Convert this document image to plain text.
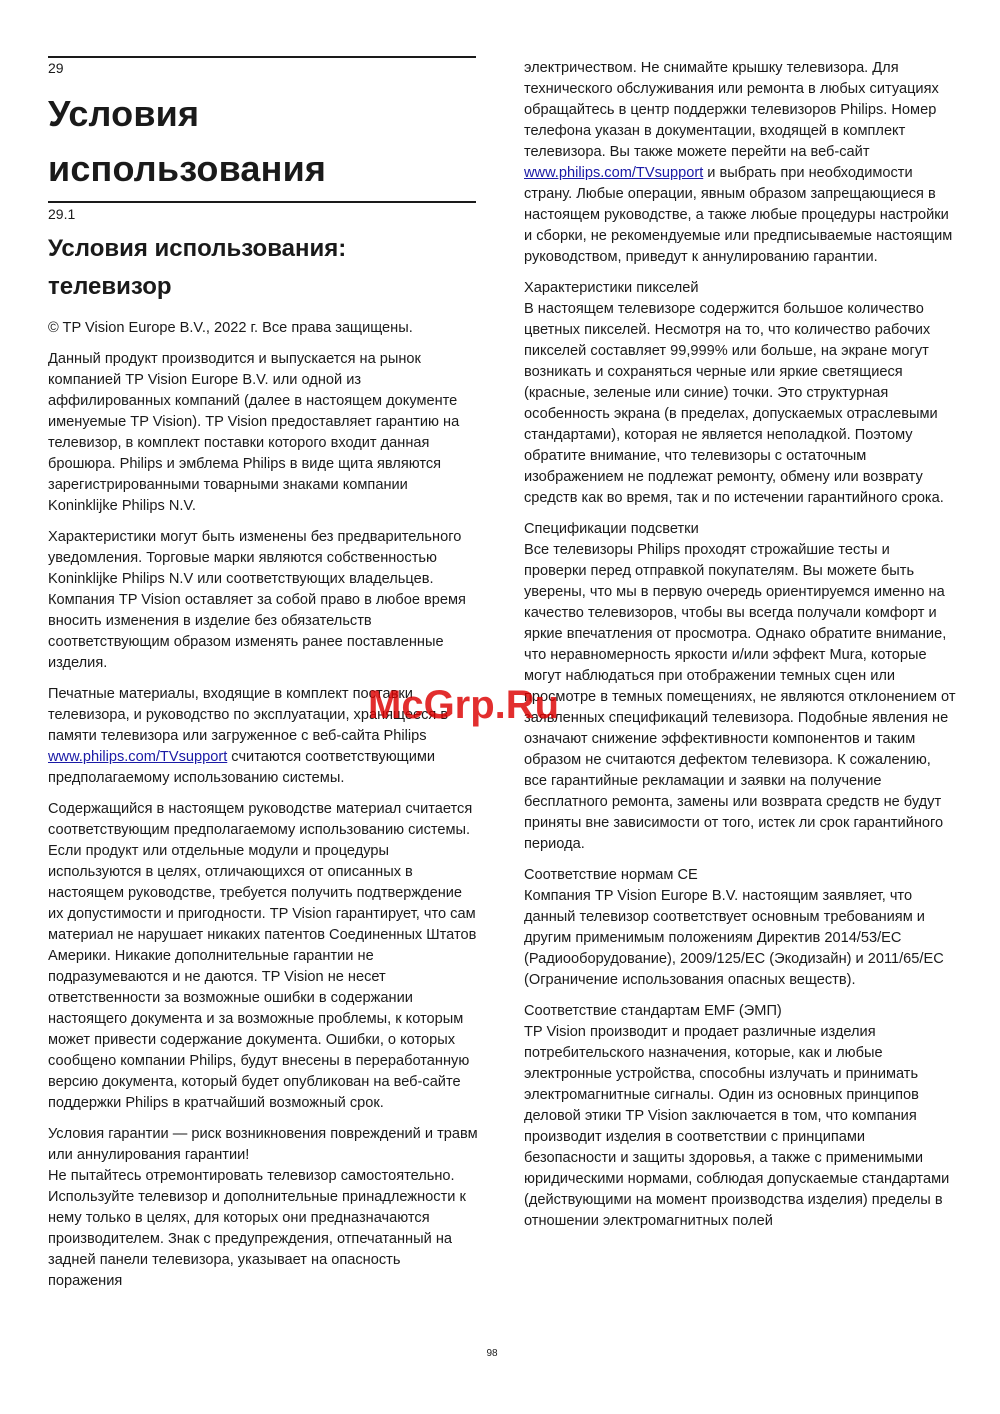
29
Условия
использования
29.1
Условия использования:
телевизор

© TP Vision Europe B.V., 2022 г. Все права защищены.

Данный продукт производится и выпускается на рынок компанией TP Vision Europe B.V. или одной из аффилированных компаний (далее в настоящем документе именуемые TP Vision). TP Vision предоставляет гарантию на телевизор, в комплект поставки которого входит данная брошюра. Philips и эмблема Philips в виде щита являются зарегистрированными товарными знаками компании Koninklijke Philips N.V.

Характеристики могут быть изменены без предварительного уведомления. Торговые марки являются собственностью Koninklijke Philips N.V или соответствующих владельцев. Компания TP Vision оставляет за собой право в любое время вносить изменения в изделие без обязательств соответствующим образом изменять ранее поставленные изделия.

Печатные материалы, входящие в комплект поставки телевизора, и руководство по эксплуатации, хранящееся в памяти телевизора или загруженное с веб-сайта Philips www.philips.com/TVsupport считаются соответствующими предполагаемому использованию системы.

Содержащийся в настоящем руководстве материал считается соответствующим предполагаемому использованию системы. Если продукт или отдельные модули и процедуры используются в целях, отличающихся от описанных в настоящем руководстве, требуется получить подтверждение их допустимости и пригодности. TP Vision гарантирует, что сам материал не нарушает никаких патентов Соединенных Штатов Америки. Никакие дополнительные гарантии не подразумеваются и не даются. TP Vision не несет ответственности за возможные ошибки в содержании настоящего документа и за возможные проблемы, к которым может привести содержание документа. Ошибки, о которых сообщено компании Philips, будут внесены в переработанную версию документа, который будет опубликован на веб-сайте поддержки Philips в кратчайший возможный срок.

Условия гарантии — риск возникновения повреждений и травм или аннулирования гарантии!
Не пытайтесь отремонтировать телевизор самостоятельно. Используйте телевизор и дополнительные принадлежности к нему только в целях, для которых они предназначаются производителем. Знак с предупреждения, отпечатанный на задней панели телевизора, указывает на опасность поражения

электричеством. Не снимайте крышку телевизора. Для технического обслуживания или ремонта в любых ситуациях обращайтесь в центр поддержки телевизоров Philips. Номер телефона указан в документации, входящей в комплект телевизора. Вы также можете перейти на веб-сайт www.philips.com/TVsupport и выбрать при необходимости страну. Любые операции, явным образом запрещающиеся в настоящем руководстве, а также любые процедуры настройки и сборки, не рекомендуемые или предписываемые настоящим руководством, приведут к аннулированию гарантии.

Характеристики пикселей

В настоящем телевизоре содержится большое количество цветных пикселей. Несмотря на то, что количество рабочих пикселей составляет 99,999% или больше, на экране могут возникать и сохраняться черные или яркие светящиеся (красные, зеленые или синие) точки. Это структурная особенность экрана (в пределах, допускаемых отраслевыми стандартами), которая не является неполадкой. Поэтому обратите внимание, что телевизоры с остаточным изображением не подлежат ремонту, обмену или возврату средств как во время, так и по истечении гарантийного срока.

Спецификации подсветки

Все телевизоры Philips проходят строжайшие тесты и проверки перед отправкой покупателям. Вы можете быть уверены, что мы в первую очередь ориентируемся именно на качество телевизоров, чтобы вы всегда получали комфорт и яркие впечатления от просмотра. Однако обратите внимание, что неравномерность яркости и/или эффект Mura, которые могут наблюдаться при отображении темных сцен или просмотре в темных помещениях, не являются отклонением от заявленных спецификаций телевизора. Подобные явления не означают снижение эффективности компонентов и таким образом не считаются дефектом телевизора. К сожалению, все гарантийные рекламации и заявки на получение бесплатного ремонта, замены или возврата средств не будут приняты вне зависимости от того, истек ли срок гарантийного периода.

Соответствие нормам CE

Компания TP Vision Europe B.V. настоящим заявляет, что данный телевизор соответствует основным требованиям и другим применимым положениям Директив 2014/53/EC (Радиооборудование), 2009/125/EC (Экодизайн) и 2011/65/EC (Ограничение использования опасных веществ).

Соответствие стандартам EMF (ЭМП)

TP Vision производит и продает различные изделия потребительского назначения, которые, как и любые электронные устройства, способны излучать и принимать электромагнитные сигналы. Один из основных принципов деловой этики TP Vision заключается в том, что компания производит изделия в соответствии с принципами безопасности и защиты здоровья, а также с применимыми юридическими нормами, соблюдая допускаемые стандартами (действующими на момент производства изделия) пределы в отношении электромагнитных полей

McGrp.Ru
98
